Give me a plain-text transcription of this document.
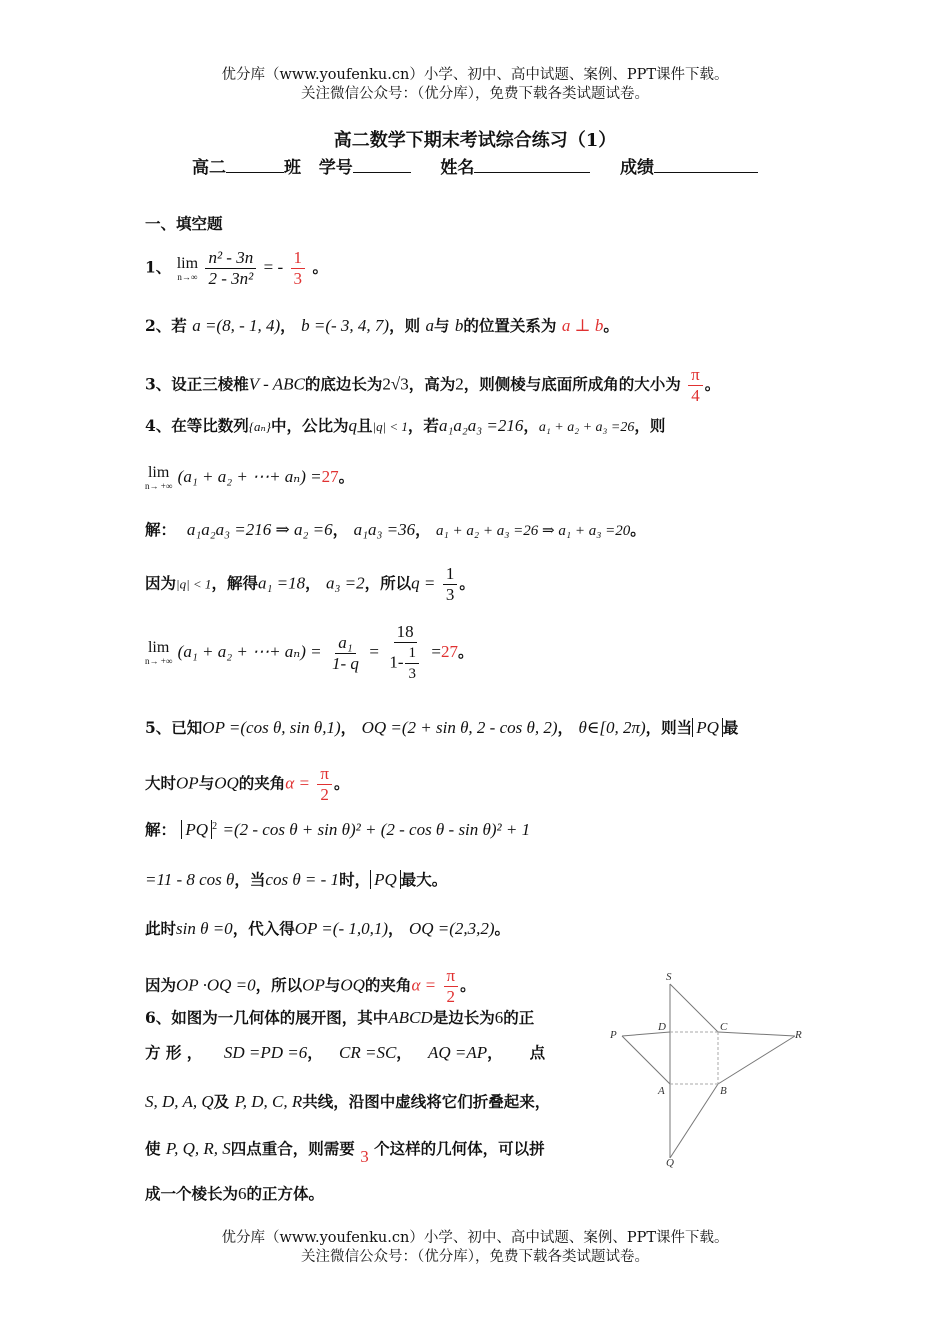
优分库（www.youfenku.cn）小学、初中、高中试题、案例、PPT课件下载。
关注微信公众号：（优分库），免费下载各类试题试卷。
高二数学下期末考试综合练习（1）
高二	班 学号	姓名	成绩
一、填空题
1、 lim
n→∞
$\frac{\text{n² - 3n}}{\text{2 - 3n²}}$ = - $\frac{1}{3}$ 。
2、若 a =(8, - 1, 4)， b =(- 3, 4, 7)，则 a与 b的位置关系为 a ⊥ b。
3、设正三棱椎V - ABC的底边长为2√3，高为2，则侧棱与底面所成角的大小为 $\frac{\pi}{4}$ 。
4、在等比数列{aₙ}中，公比为q且|q| < 1，若a₁a₂a₃ =216，a₁ + a₂ + a₃ =26，则
lim
n→ +∞ (a₁ + a₂ + ⋯+ aₙ) =27。
解： a₁a₂a₃ =216 ⇒ a₂ =6， a₁a₃ =36， a₁ + a₂ + a₃ =26 ⇒ a₁ + a₃ =20。
因为|q| < 1，解得a₁ =18， a₃ =2，所以$q = \frac{1}{3}$ 。
lim
n→ +∞ (a₁ + a₂ + ⋯+ $a_n) = \frac{\text{a₁}}{1- q} = \frac{18}{1- \frac{1}{3}} =27$。
5、已知OP =(cos θ, sin θ,1)， OQ =(2 + sin θ, 2 - cos θ, 2)， θ∈[0, 2π)，则当 PQ 最
大时OP与OQ的夹角$\alpha = \frac{\pi}{2}$ 。
解： PQ $^2$ =(2 - cos θ + sin θ)² + (2 - cos θ - sin θ)² + 1
=11 - 8 cos θ，当cos θ = - 1时， PQ 最大。
此时sin θ =0，代入得OP =(- 1,0,1)， OQ =(2,3,2)。
因为OP ·OQ =0，所以OP与OQ的夹角$\alpha = \frac{\pi}{2}$ 。
6、如图为一几何体的展开图，其中ABCD是边长为6的正
方 形 ， SD =PD =6， CR =SC， AQ =AP， 点
S, D, A, Q及 P, D, C, R共线，沿图中虚线将它们折叠起来，
使 P, Q, R, S四点重合，则需要 3 个这样的几何体，可以拼
成一个棱长为6的正方体。
S
D	C
P	R
A	B
Q
优分库（www.youfenku.cn）小学、初中、高中试题、案例、PPT课件下载。
关注微信公众号：（优分库），免费下载各类试题试卷。
